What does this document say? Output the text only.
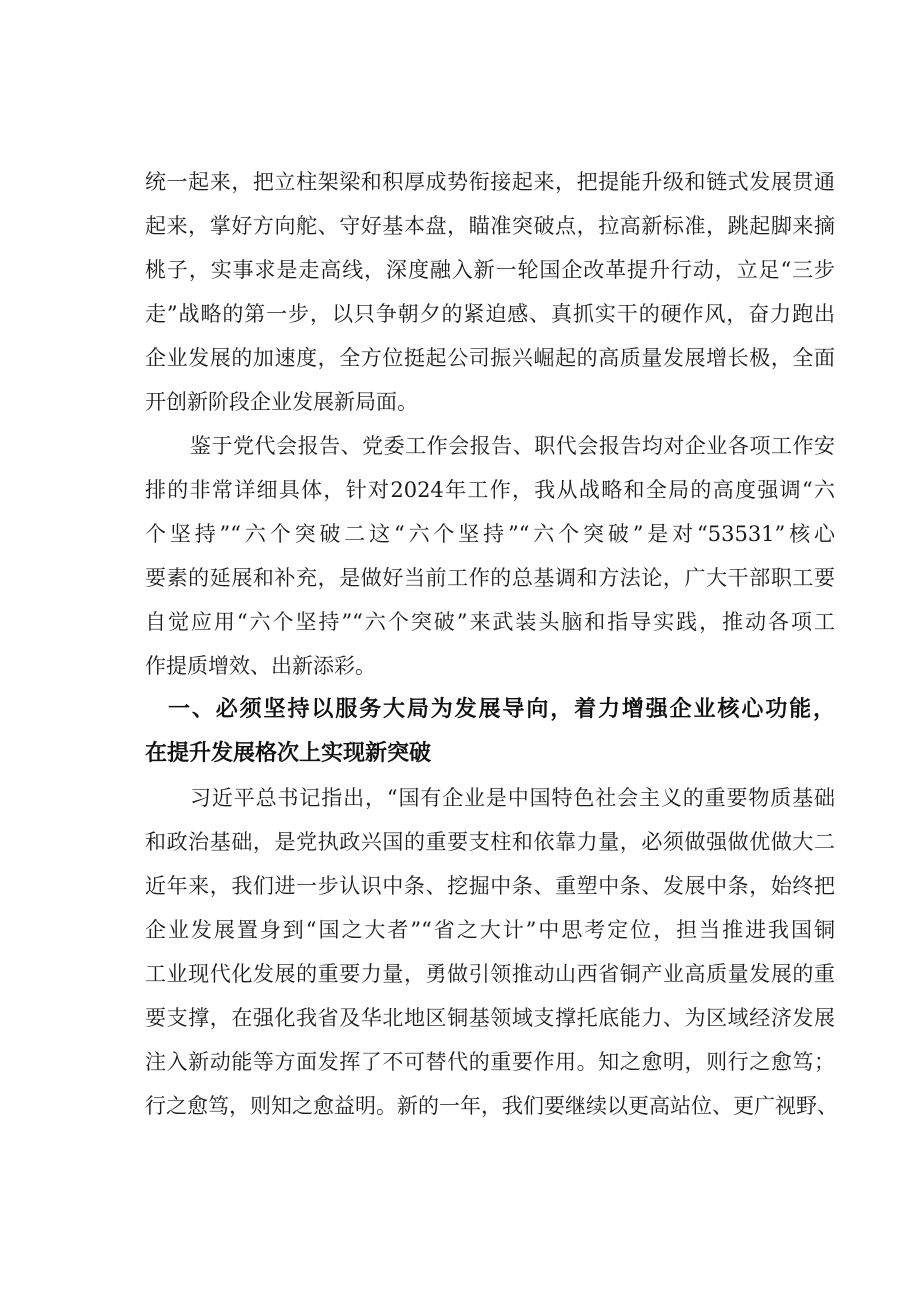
统一起来，把立柱架梁和积厚成势衔接起来，把提能升级和链式发展贯通
起来，掌好方向舵、守好基本盘，瞄准突破点，拉高新标准，跳起脚来摘
桃子，实事求是走高线，深度融入新一轮国企改革提升行动，立足“三步
走”战略的第一步，以只争朝夕的紧迫感、真抓实干的硬作风，奋力跑出
企业发展的加速度，全方位挺起公司振兴崛起的高质量发展增长极，全面
开创新阶段企业发展新局面。
鉴于党代会报告、党委工作会报告、职代会报告均对企业各项工作安
排的非常详细具体，针对2024年工作，我从战略和全局的高度强调“六
个坚持”“六个突破二这“六个坚持”“六个突破”是对“53531”核心
要素的延展和补充，是做好当前工作的总基调和方法论，广大干部职工要
自觉应用“六个坚持”“六个突破”来武装头脑和指导实践，推动各项工
作提质增效、出新添彩。
一、必须坚持以服务大局为发展导向，着力增强企业核心功能，
在提升发展格次上实现新突破
习近平总书记指出，“国有企业是中国特色社会主义的重要物质基础
和政治基础，是党执政兴国的重要支柱和依靠力量，必须做强做优做大二
近年来，我们进一步认识中条、挖掘中条、重塑中条、发展中条，始终把
企业发展置身到“国之大者”“省之大计”中思考定位，担当推进我国铜
工业现代化发展的重要力量，勇做引领推动山西省铜产业高质量发展的重
要支撑，在强化我省及华北地区铜基领域支撑托底能力、为区域经济发展
注入新动能等方面发挥了不可替代的重要作用。知之愈明，则行之愈笃；
行之愈笃，则知之愈益明。新的一年，我们要继续以更高站位、更广视野、
